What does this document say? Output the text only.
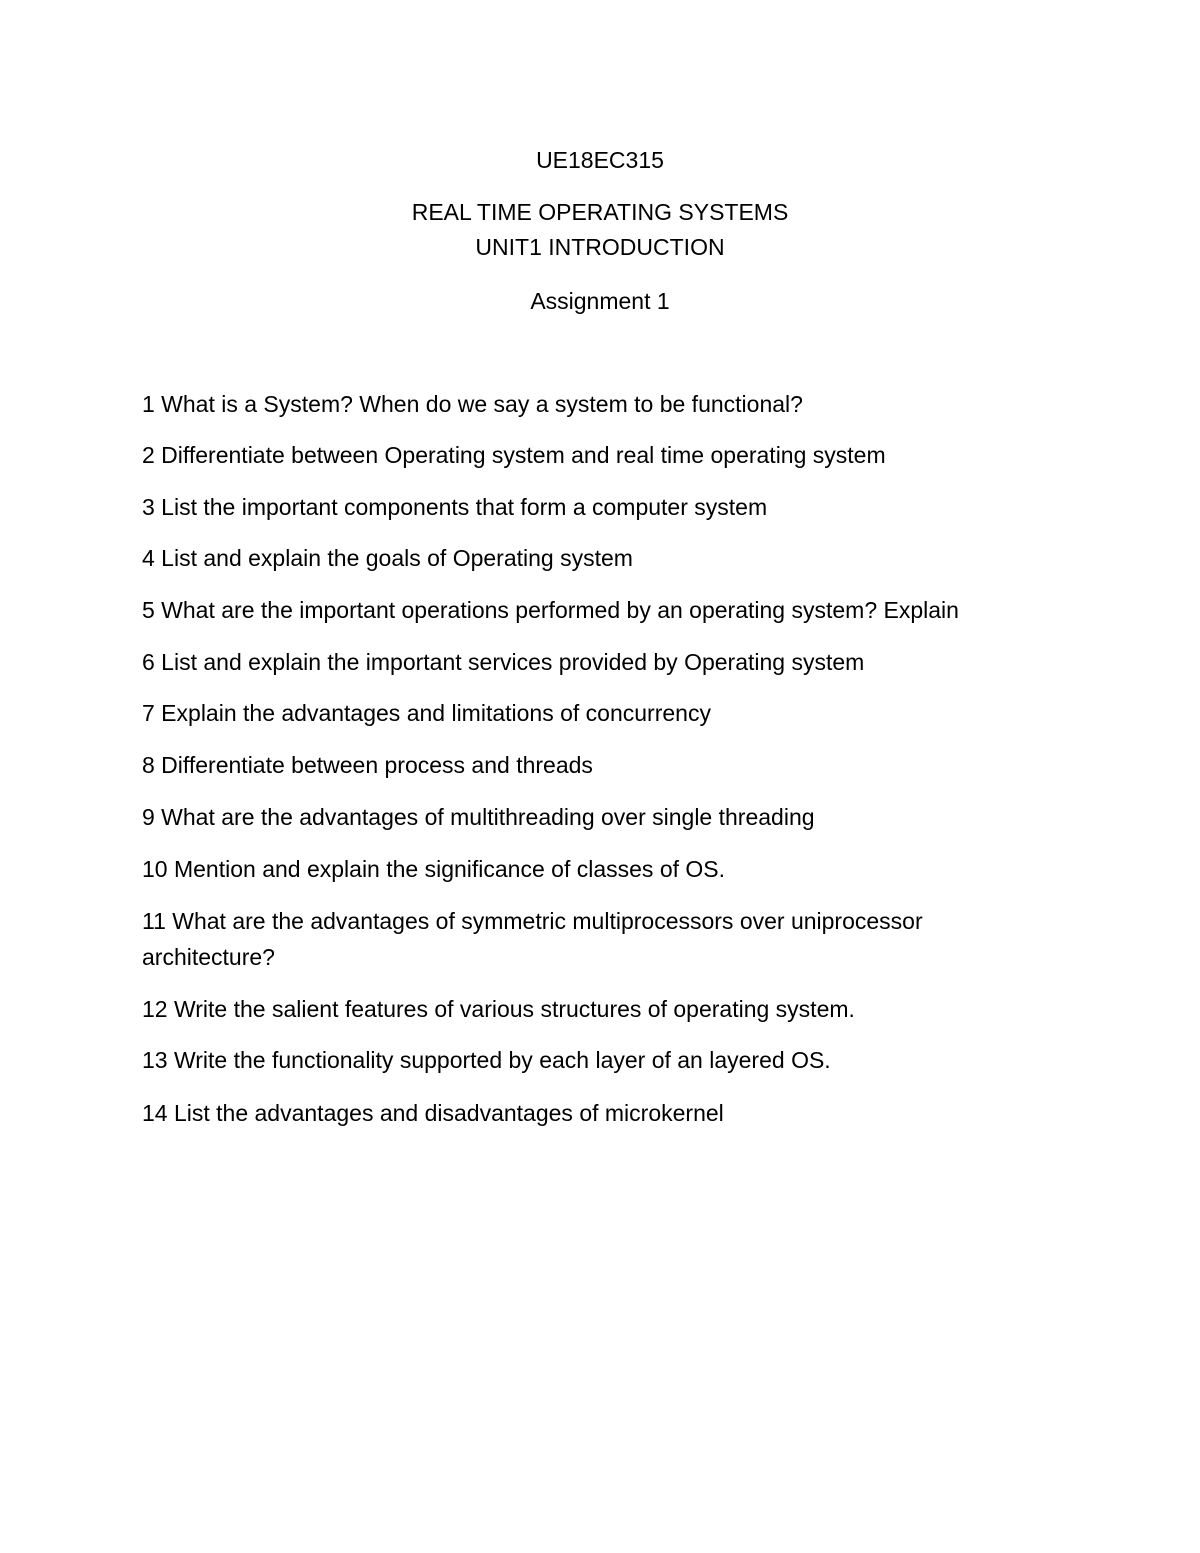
UE18EC315
REAL TIME OPERATING SYSTEMS
UNIT1 INTRODUCTION
Assignment 1
1 What is a System? When do we say a system to be functional?
2 Differentiate between Operating system and real time operating system
3 List the important components that form a computer system
4 List and explain the goals of Operating system
5 What are the important operations performed by an operating system? Explain
6 List and explain the important services provided by Operating system
7 Explain the advantages and limitations of concurrency
8 Differentiate between process and threads
9 What are the advantages of multithreading over single threading
10 Mention and explain the significance of classes of OS.
11 What are the advantages of symmetric multiprocessors over uniprocessor architecture?
12 Write the salient features of various structures of operating system.
13 Write the functionality supported by each layer of an layered OS.
14 List the advantages and disadvantages of microkernel
